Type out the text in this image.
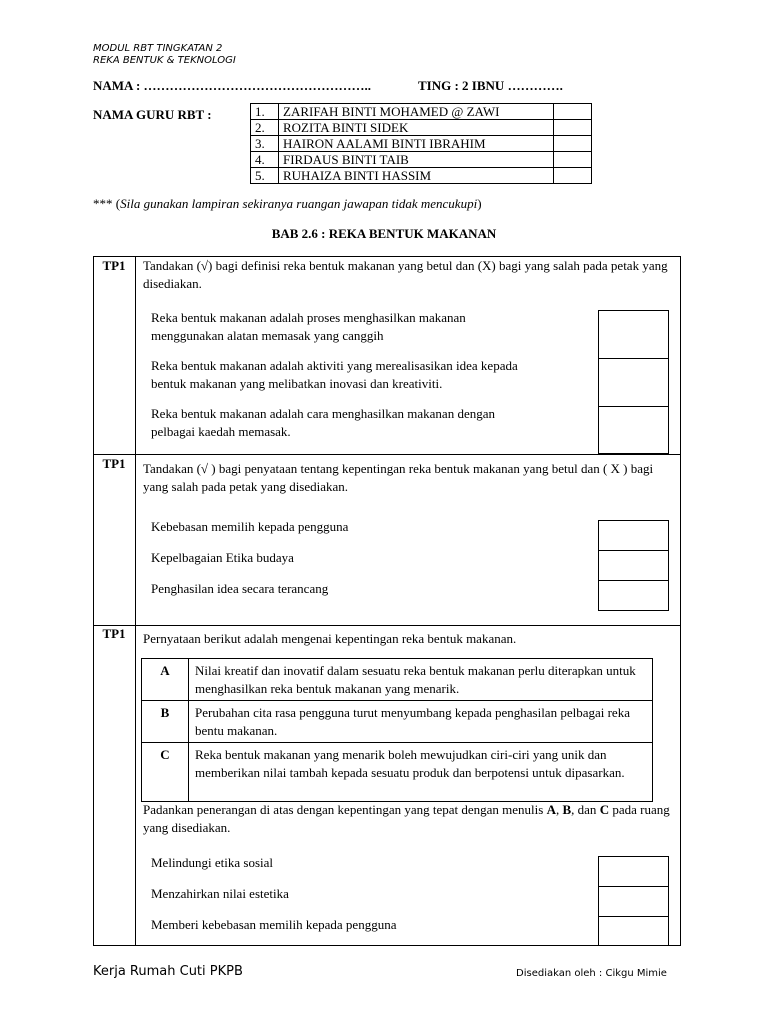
MODUL RBT TINGKATAN 2
REKA BENTUK & TEKNOLOGI
NAMA : ……………………………………………..	TING : 2 IBNU ………….
NAMA GURU RBT :	1.	ZARIFAH BINTI MOHAMED @ ZAWI	
2.	ROZITA BINTI SIDEK	
3.	HAIRON AALAMI BINTI IBRAHIM	
4.	FIRDAUS BINTI TAIB	
5.	RUHAIZA BINTI HASSIM	
*** (Sila gunakan lampiran sekiranya ruangan jawapan tidak mencukupi)
BAB 2.6 : REKA BENTUK MAKANAN
TP1	Tandakan (√) bagi definisi reka bentuk makanan yang betul dan (X) bagi yang salah pada petak yang disediakan.
Reka bentuk makanan adalah proses menghasilkan makanan menggunakan alatan memasak yang canggih
Reka bentuk makanan adalah aktiviti yang merealisasikan idea kepada bentuk makanan yang melibatkan inovasi dan kreativiti.
Reka bentuk makanan adalah cara menghasilkan makanan dengan pelbagai kaedah memasak.
TP1	Tandakan (√ ) bagi penyataan tentang kepentingan reka bentuk makanan yang betul dan ( X ) bagi yang salah pada petak yang disediakan.
Kebebasan memilih kepada pengguna
Kepelbagaian Etika budaya
Penghasilan idea secara terancang
TP1	Pernyataan berikut adalah mengenai kepentingan reka bentuk makanan.
A	Nilai kreatif dan inovatif dalam sesuatu reka bentuk makanan perlu diterapkan untuk menghasilkan reka bentuk makanan yang menarik.
B	Perubahan cita rasa pengguna turut menyumbang kepada penghasilan pelbagai reka bentu makanan.
C	Reka bentuk makanan yang menarik boleh mewujudkan ciri-ciri yang unik dan memberikan nilai tambah kepada sesuatu produk dan berpotensi untuk dipasarkan.
Padankan penerangan di atas dengan kepentingan yang tepat dengan menulis A, B, dan C pada ruang yang disediakan.
Melindungi etika sosial
Menzahirkan nilai estetika
Memberi kebebasan memilih kepada pengguna
Kerja Rumah Cuti PKPB	Disediakan oleh : Cikgu Mimie
